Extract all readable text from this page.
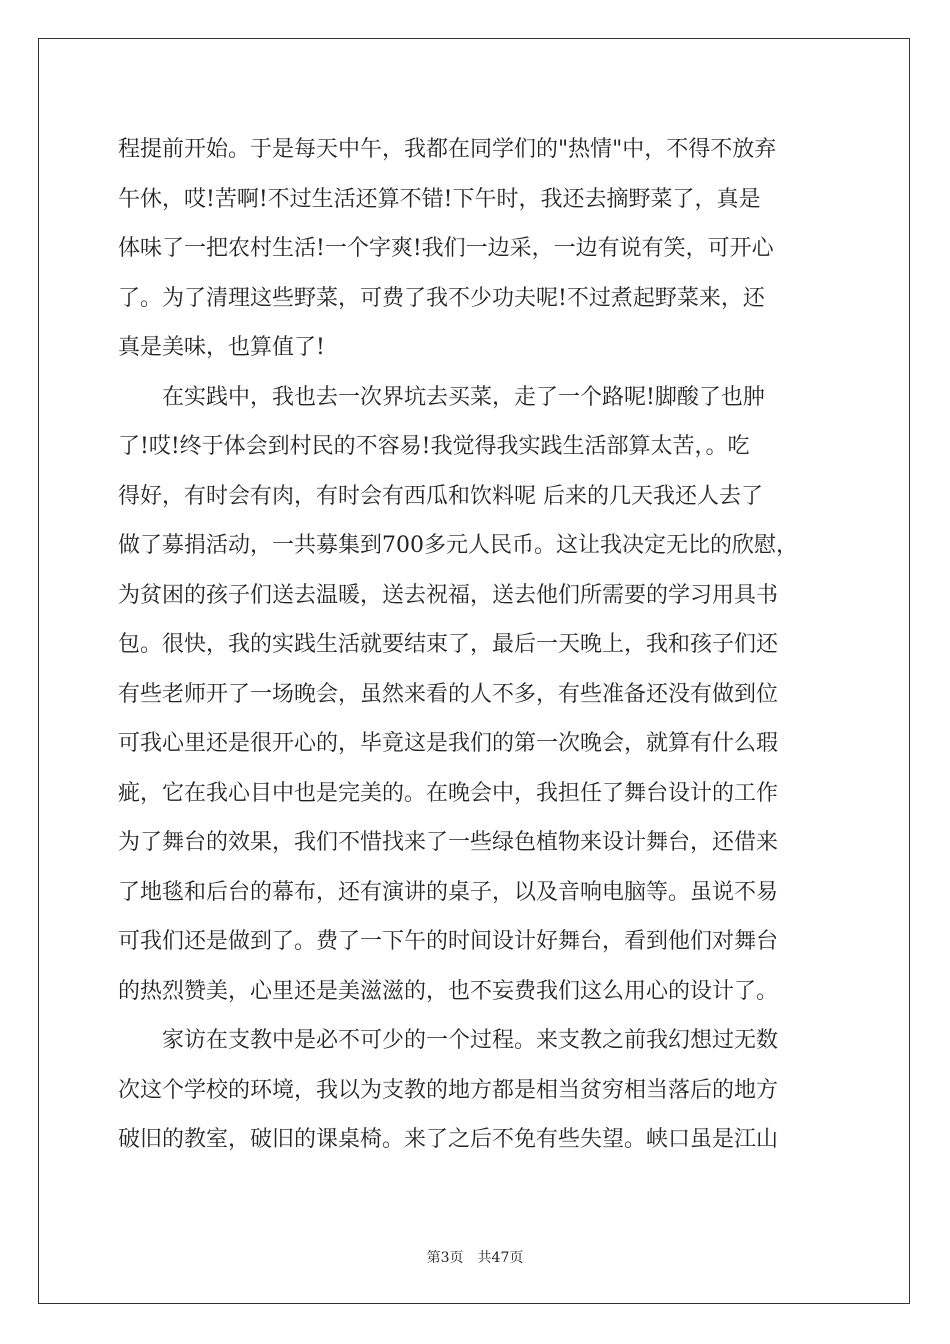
程提前开始。于是每天中午，我都在同学们的"热情"中，不得不放弃
午休，哎!苦啊!不过生活还算不错!下午时，我还去摘野菜了，真是
体味了一把农村生活!一个字爽!我们一边采，一边有说有笑，可开心
了。为了清理这些野菜，可费了我不少功夫呢!不过煮起野菜来，还
真是美味，也算值了!
　　在实践中，我也去一次界坑去买菜，走了一个路呢!脚酸了也肿
了!哎!终于体会到村民的不容易!我觉得我实践生活部算太苦，。吃
得好，有时会有肉，有时会有西瓜和饮料呢 后来的几天我还人去了
做了募捐活动，一共募集到700多元人民币。这让我决定无比的欣慰，
为贫困的孩子们送去温暖，送去祝福，送去他们所需要的学习用具书
包。很快，我的实践生活就要结束了，最后一天晚上，我和孩子们还
有些老师开了一场晚会，虽然来看的人不多，有些准备还没有做到位
可我心里还是很开心的，毕竟这是我们的第一次晚会，就算有什么瑕
疵，它在我心目中也是完美的。在晚会中，我担任了舞台设计的工作
为了舞台的效果，我们不惜找来了一些绿色植物来设计舞台，还借来
了地毯和后台的幕布，还有演讲的桌子，以及音响电脑等。虽说不易
可我们还是做到了。费了一下午的时间设计好舞台，看到他们对舞台
的热烈赞美，心里还是美滋滋的，也不妄费我们这么用心的设计了。
　　家访在支教中是必不可少的一个过程。来支教之前我幻想过无数
次这个学校的环境，我以为支教的地方都是相当贫穷相当落后的地方
破旧的教室，破旧的课桌椅。来了之后不免有些失望。峡口虽是江山
第3页 共47页
